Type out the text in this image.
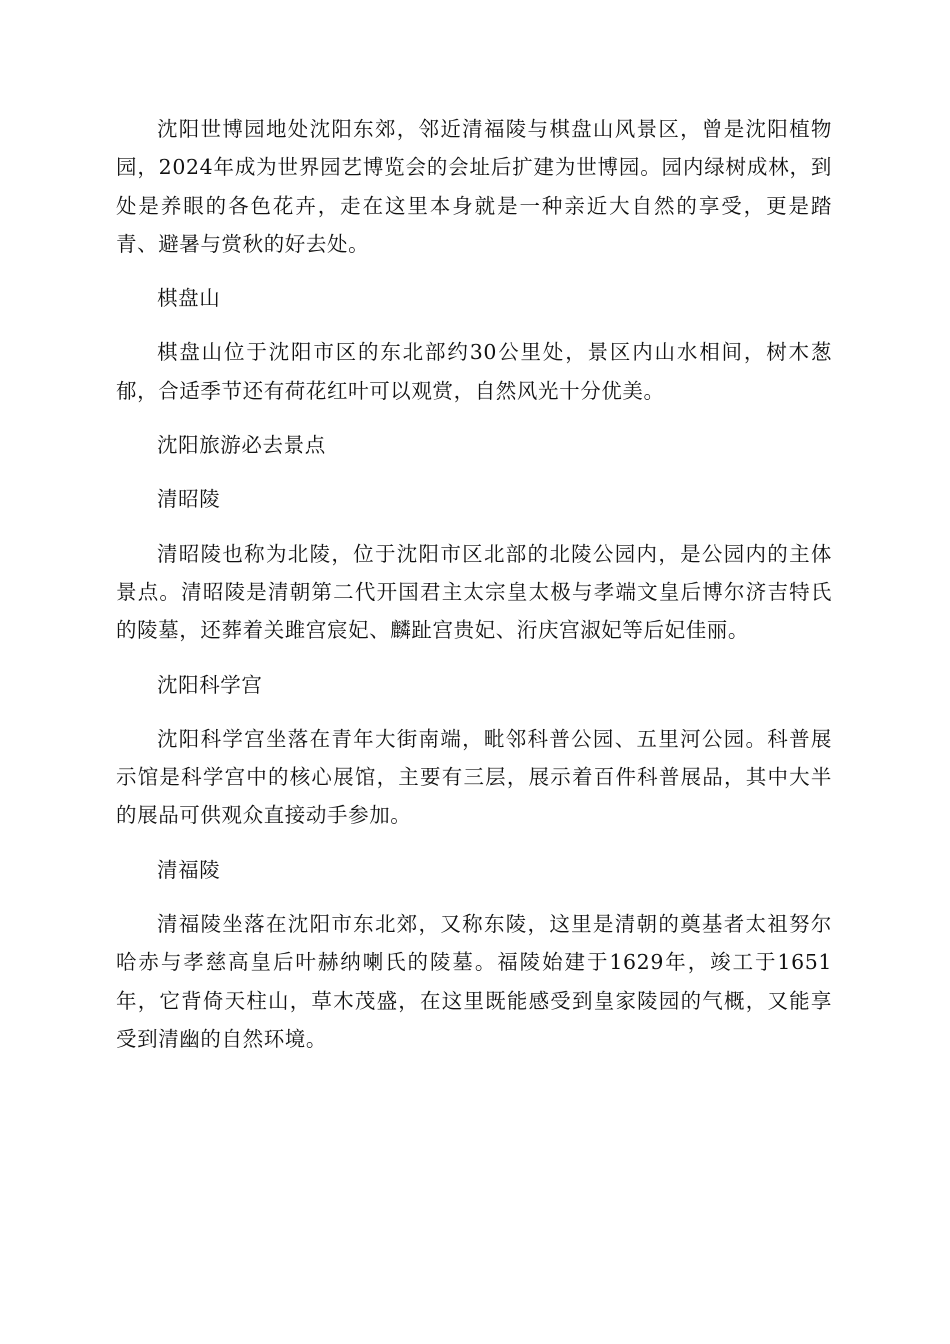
沈阳世博园地处沈阳东郊，邻近清福陵与棋盘山风景区，曾是沈阳植物园，2024年成为世界园艺博览会的会址后扩建为世博园。园内绿树成林，到处是养眼的各色花卉，走在这里本身就是一种亲近大自然的享受，更是踏青、避暑与赏秋的好去处。

棋盘山

棋盘山位于沈阳市区的东北部约30公里处，景区内山水相间，树木葱郁，合适季节还有荷花红叶可以观赏，自然风光十分优美。

沈阳旅游必去景点

清昭陵

清昭陵也称为北陵，位于沈阳市区北部的北陵公园内，是公园内的主体景点。清昭陵是清朝第二代开国君主太宗皇太极与孝端文皇后博尔济吉特氏的陵墓，还葬着关雎宫宸妃、麟趾宫贵妃、洐庆宫淑妃等后妃佳丽。

沈阳科学宫

沈阳科学宫坐落在青年大街南端，毗邻科普公园、五里河公园。科普展示馆是科学宫中的核心展馆，主要有三层，展示着百件科普展品，其中大半的展品可供观众直接动手参加。

清福陵

清福陵坐落在沈阳市东北郊，又称东陵，这里是清朝的奠基者太祖努尔哈赤与孝慈高皇后叶赫纳喇氏的陵墓。福陵始建于1629年，竣工于1651年，它背倚天柱山，草木茂盛，在这里既能感受到皇家陵园的气概，又能享受到清幽的自然环境。
